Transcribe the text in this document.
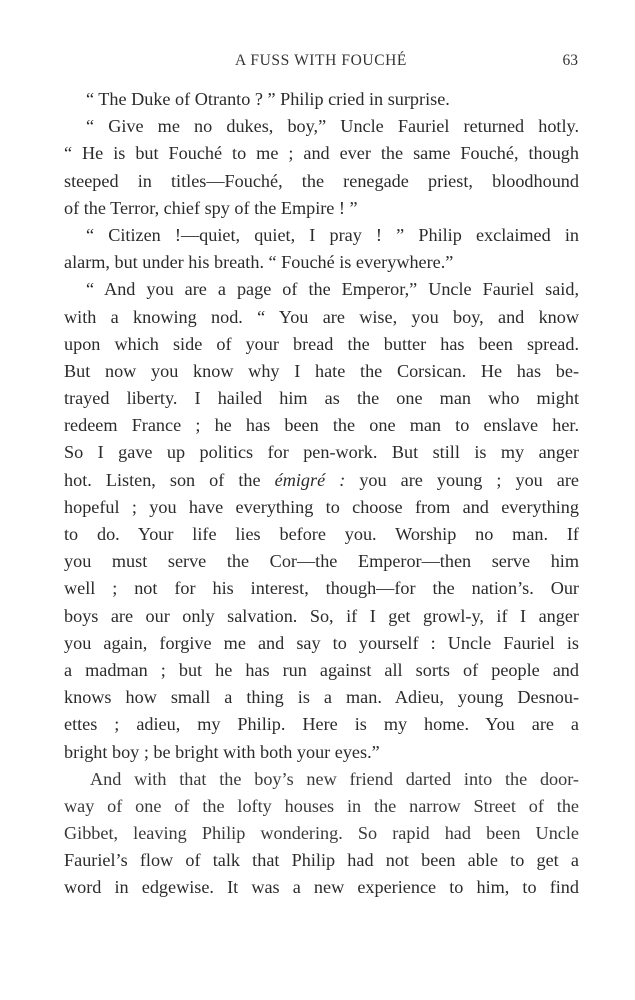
A FUSS WITH FOUCHÉ	63
“ The Duke of Otranto ? ” Philip cried in surprise.
“ Give me no dukes, boy,” Uncle Fauriel returned hotly.
“ He is but Fouché to me ; and ever the same Fouché, though
steeped in titles—Fouché, the renegade priest, bloodhound
of the Terror, chief spy of the Empire ! ”
“ Citizen !—quiet, quiet, I pray ! ” Philip exclaimed in
alarm, but under his breath. “ Fouché is everywhere.”
“ And you are a page of the Emperor,” Uncle Fauriel said,
with a knowing nod. “ You are wise, you boy, and know
upon which side of your bread the butter has been spread.
But now you know why I hate the Corsican. He has be-
trayed liberty. I hailed him as the one man who might
redeem France ; he has been the one man to enslave her.
So I gave up politics for pen-work. But still is my anger
hot. Listen, son of the émigré : you are young ; you are
hopeful ; you have everything to choose from and everything
to do. Your life lies before you. Worship no man. If
you must serve the Cor—the Emperor—then serve him
well ; not for his interest, though—for the nation’s. Our
boys are our only salvation. So, if I get growl-y, if I anger
you again, forgive me and say to yourself : Uncle Fauriel is
a madman ; but he has run against all sorts of people and
knows how small a thing is a man. Adieu, young Desnou-
ettes ; adieu, my Philip. Here is my home. You are a
bright boy ; be bright with both your eyes.”
And with that the boy’s new friend darted into the door-
way of one of the lofty houses in the narrow Street of the
Gibbet, leaving Philip wondering. So rapid had been Uncle
Fauriel’s flow of talk that Philip had not been able to get a
word in edgewise. It was a new experience to him, to find
